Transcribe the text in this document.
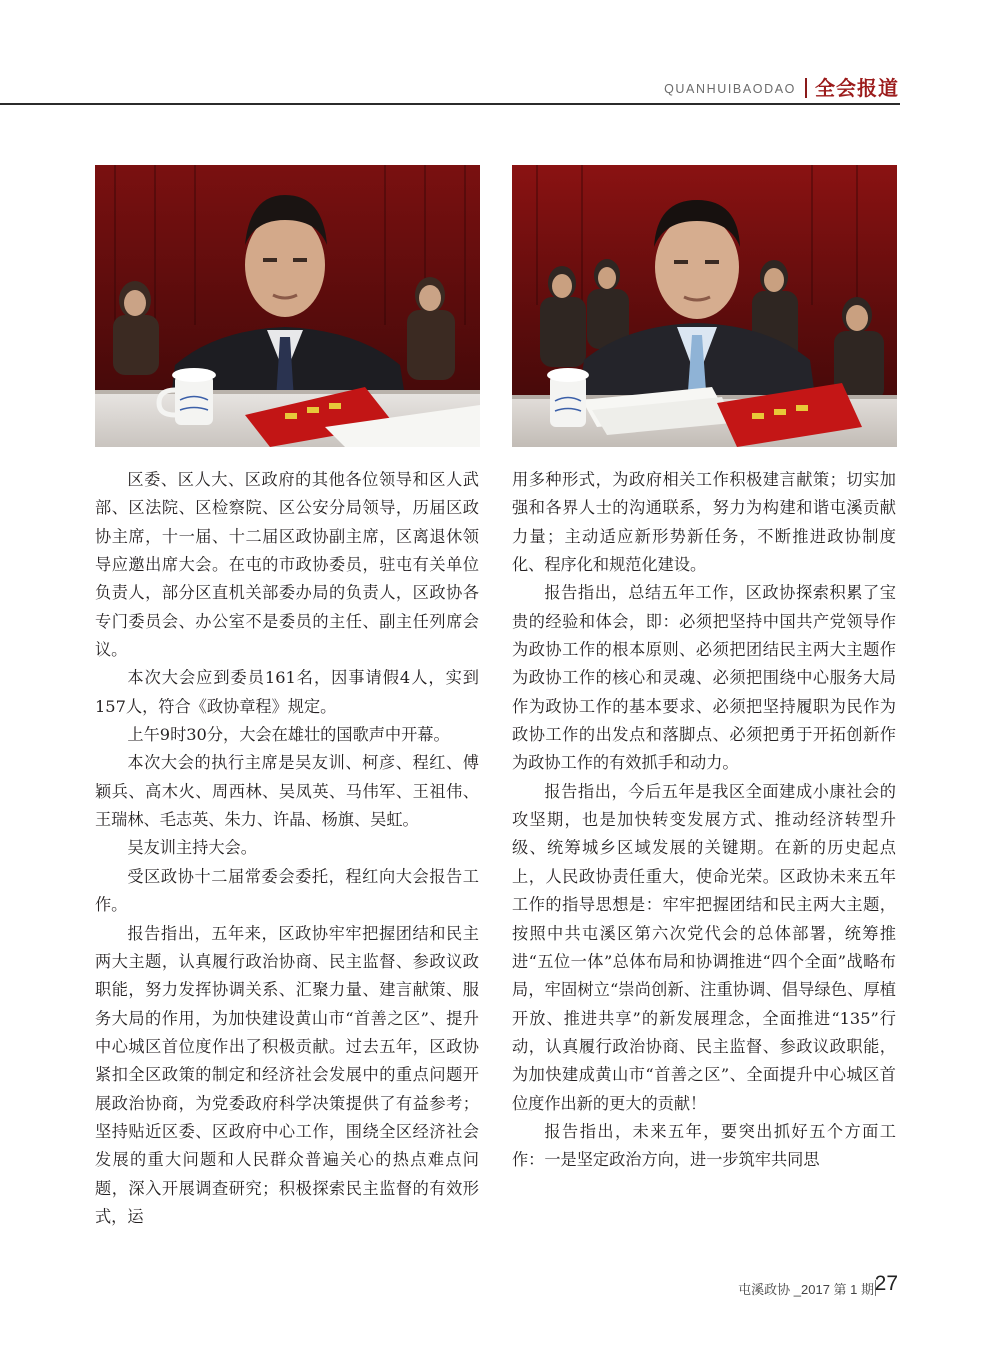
QUANHUIBAODAO 全会报道

区委、区人大、区政府的其他各位领导和区人武部、区法院、区检察院、区公安分局领导，历届区政协主席，十一届、十二届区政协副主席，区离退休领导应邀出席大会。在屯的市政协委员，驻屯有关单位负责人，部分区直机关部委办局的负责人，区政协各专门委员会、办公室不是委员的主任、副主任列席会议。

本次大会应到委员161名，因事请假4人，实到157人，符合《政协章程》规定。

上午9时30分，大会在雄壮的国歌声中开幕。

本次大会的执行主席是吴友训、柯彦、程红、傅颖兵、高木火、周西林、吴凤英、马伟军、王祖伟、王瑞林、毛志英、朱力、许晶、杨旗、吴虹。

吴友训主持大会。

受区政协十二届常委会委托，程红向大会报告工作。

报告指出，五年来，区政协牢牢把握团结和民主两大主题，认真履行政治协商、民主监督、参政议政职能，努力发挥协调关系、汇聚力量、建言献策、服务大局的作用，为加快建设黄山市“首善之区”、提升中心城区首位度作出了积极贡献。过去五年，区政协紧扣全区政策的制定和经济社会发展中的重点问题开展政治协商，为党委政府科学决策提供了有益参考；坚持贴近区委、区政府中心工作，围绕全区经济社会发展的重大问题和人民群众普遍关心的热点难点问题，深入开展调查研究；积极探索民主监督的有效形式，运

用多种形式，为政府相关工作积极建言献策；切实加强和各界人士的沟通联系，努力为构建和谐屯溪贡献力量；主动适应新形势新任务，不断推进政协制度化、程序化和规范化建设。

报告指出，总结五年工作，区政协探索积累了宝贵的经验和体会，即：必须把坚持中国共产党领导作为政协工作的根本原则、必须把团结民主两大主题作为政协工作的核心和灵魂、必须把围绕中心服务大局作为政协工作的基本要求、必须把坚持履职为民作为政协工作的出发点和落脚点、必须把勇于开拓创新作为政协工作的有效抓手和动力。

报告指出，今后五年是我区全面建成小康社会的攻坚期，也是加快转变发展方式、推动经济转型升级、统筹城乡区域发展的关键期。在新的历史起点上，人民政协责任重大，使命光荣。区政协未来五年工作的指导思想是：牢牢把握团结和民主两大主题，按照中共屯溪区第六次党代会的总体部署，统筹推进“五位一体”总体布局和协调推进“四个全面”战略布局，牢固树立“崇尚创新、注重协调、倡导绿色、厚植开放、推进共享”的新发展理念，全面推进“135”行动，认真履行政治协商、民主监督、参政议政职能，为加快建成黄山市“首善之区”、全面提升中心城区首位度作出新的更大的贡献！

报告指出，未来五年，要突出抓好五个方面工作：一是坚定政治方向，进一步筑牢共同思

屯溪政协 _2017 第 1 期 27
